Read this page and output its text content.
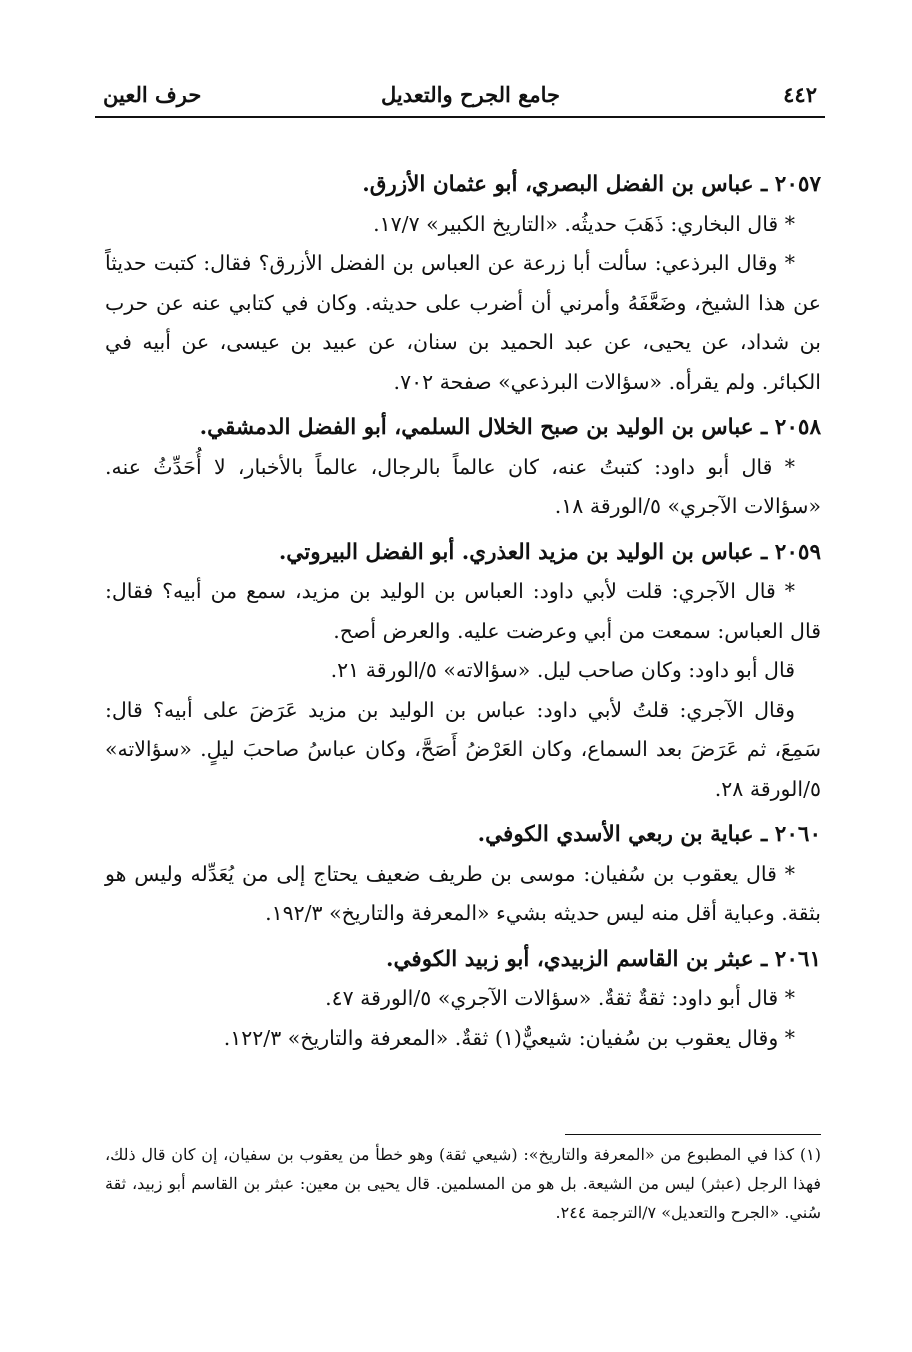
٤٤٢
جامع الجرح والتعديل
حرف العين

٢٠٥٧ ـ عباس بن الفضل البصري، أبو عثمان الأزرق.

* قال البخاري: ذَهَبَ حديثُه. «التاريخ الكبير» ١٧/٧.

* وقال البرذعي: سألت أبا زرعة عن العباس بن الفضل الأزرق؟ فقال: كتبت حديثاً عن هذا الشيخ، وضَعَّفَهُ وأمرني أن أضرب على حديثه. وكان في كتابي عنه عن حرب بن شداد، عن يحيى، عن عبد الحميد بن سنان، عن عبيد بن عيسى، عن أبيه في الكبائر. ولم يقرأه. «سؤالات البرذعي» صفحة ٧٠٢.

٢٠٥٨ ـ عباس بن الوليد بن صبح الخلال السلمي، أبو الفضل الدمشقي.

* قال أبو داود: كتبتُ عنه، كان عالماً بالرجال، عالماً بالأخبار، لا أُحَدِّثُ عنه. «سؤالات الآجري» ٥/الورقة ١٨.

٢٠٥٩ ـ عباس بن الوليد بن مزيد العذري. أبو الفضل البيروتي.

* قال الآجري: قلت لأبي داود: العباس بن الوليد بن مزيد، سمع من أبيه؟ فقال: قال العباس: سمعت من أبي وعرضت عليه. والعرض أصح.

قال أبو داود: وكان صاحب ليل. «سؤالاته» ٥/الورقة ٢١.

وقال الآجري: قلتُ لأبي داود: عباس بن الوليد بن مزيد عَرَضَ على أبيه؟ قال: سَمِعَ، ثم عَرَضَ بعد السماع، وكان العَرْضُ أَصَحَّ، وكان عباسُ صاحبَ ليلٍ. «سؤالاته» ٥/الورقة ٢٨.

٢٠٦٠ ـ عباية بن ربعي الأسدي الكوفي.

* قال يعقوب بن سُفيان: موسى بن طريف ضعيف يحتاج إلى من يُعَدِّله وليس هو بثقة. وعباية أقل منه ليس حديثه بشيء «المعرفة والتاريخ» ١٩٢/٣.

٢٠٦١ ـ عبثر بن القاسم الزبيدي، أبو زبيد الكوفي.

* قال أبو داود: ثقةٌ ثقةٌ. «سؤالات الآجري» ٥/الورقة ٤٧.

* وقال يعقوب بن سُفيان: شيعيٌّ(١) ثقةٌ. «المعرفة والتاريخ» ١٢٢/٣.

(١) كذا في المطبوع من «المعرفة والتاريخ»: (شيعي ثقة) وهو خطأ من يعقوب بن سفيان، إن كان قال ذلك، فهذا الرجل (عبثر) ليس من الشيعة. بل هو من المسلمين. قال يحيى بن معين: عبثر بن القاسم أبو زبيد، ثقة سُني. «الجرح والتعديل» ٧/الترجمة ٢٤٤.
